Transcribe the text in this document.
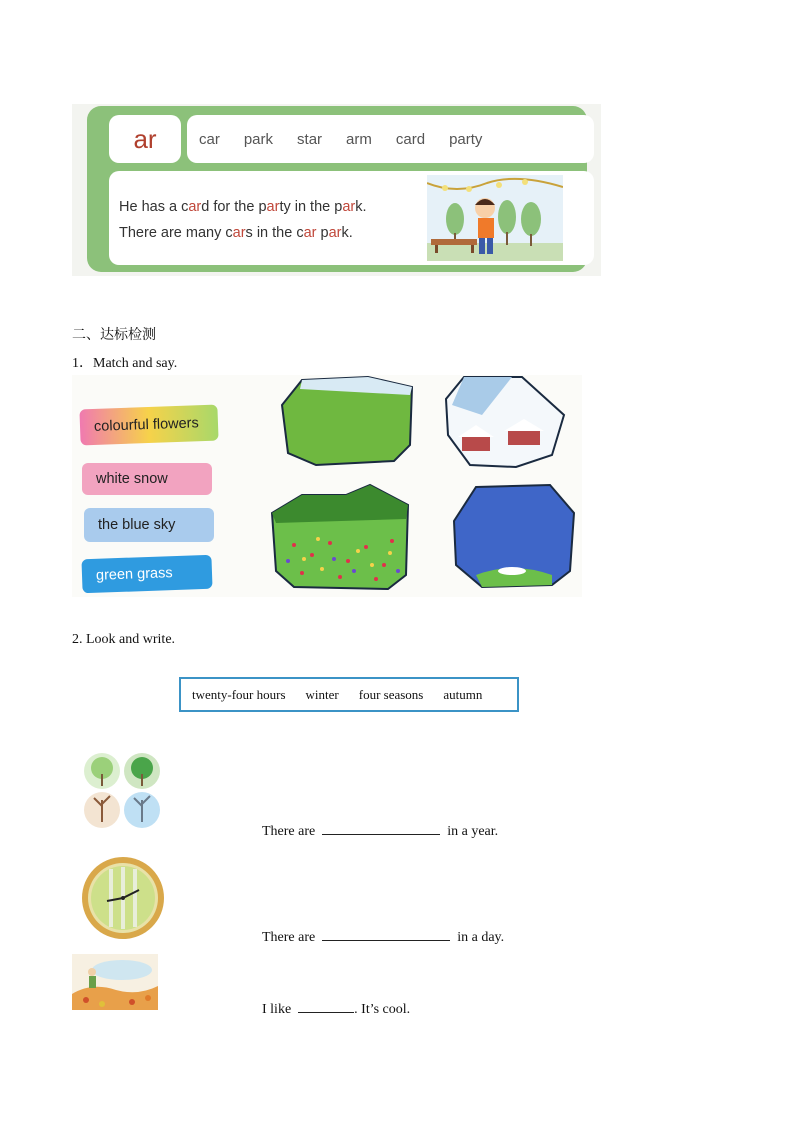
ar	car park star arm card party
He has a card for the party in the park.
There are many cars in the car park.
二、达标检测
1．Match and say.
colourful flowers
white snow
the blue sky
green grass
2. Look and write.
twenty-four hours winter four seasons autumn
There are	in a year.
There are	in a day.
I like	. It’s cool.
